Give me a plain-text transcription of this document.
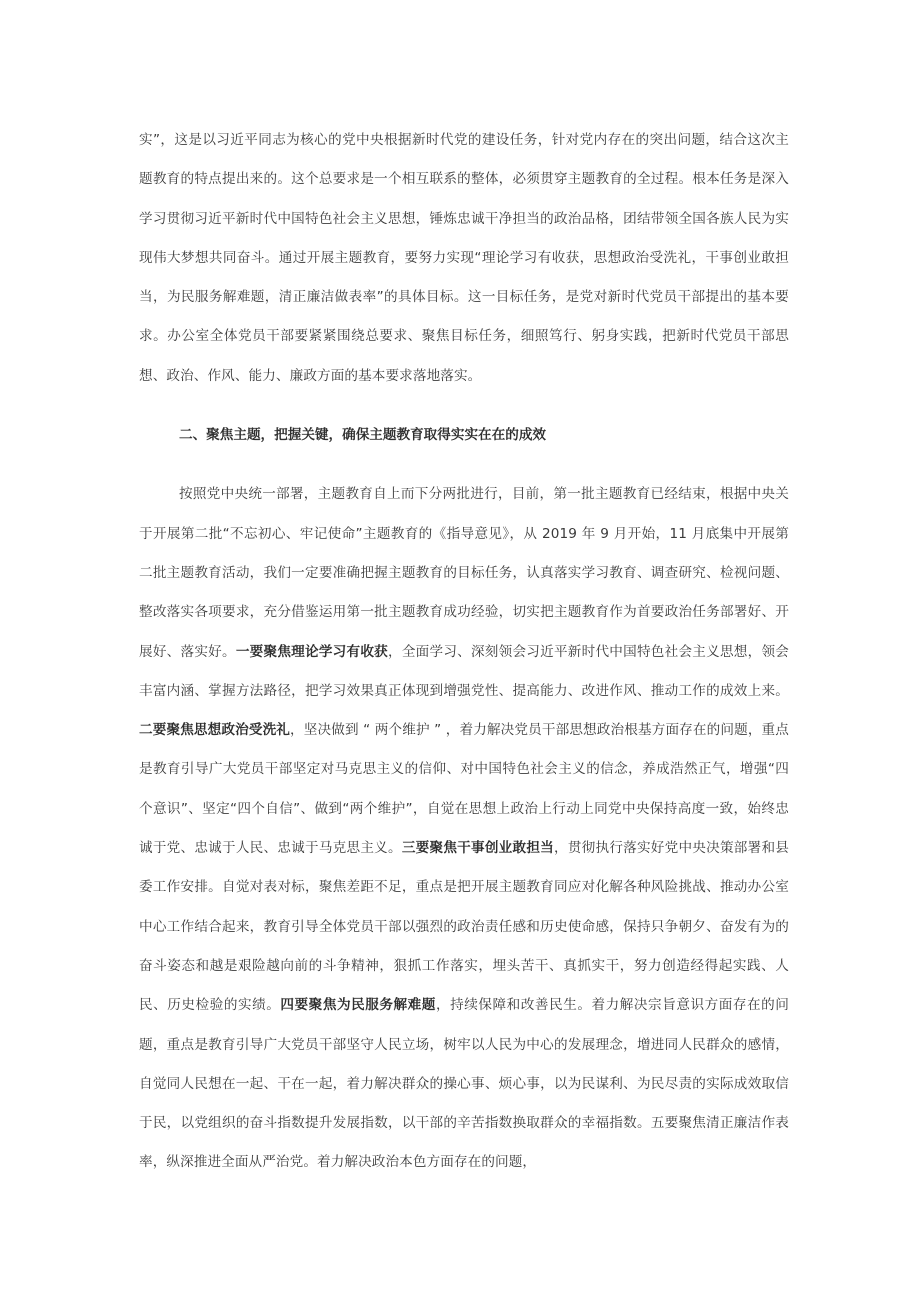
实”，这是以习近平同志为核心的党中央根据新时代党的建设任务，针对党内存在的突出问题，结合这次主题教育的特点提出来的。这个总要求是一个相互联系的整体，必须贯穿主题教育的全过程。根本任务是深入学习贯彻习近平新时代中国特色社会主义思想，锤炼忠诚干净担当的政治品格，团结带领全国各族人民为实现伟大梦想共同奋斗。通过开展主题教育，要努力实现“理论学习有收获，思想政治受洗礼，干事创业敢担当，为民服务解难题，清正廉洁做表率”的具体目标。这一目标任务，是党对新时代党员干部提出的基本要求。办公室全体党员干部要紧紧围绕总要求、聚焦目标任务，细照笃行、躬身实践，把新时代党员干部思想、政治、作风、能力、廉政方面的基本要求落地落实。

二、聚焦主题，把握关键，确保主题教育取得实实在在的成效

按照党中央统一部署，主题教育自上而下分两批进行，目前，第一批主题教育已经结束，根据中央关于开展第二批“不忘初心、牢记使命”主题教育的《指导意见》，从 2019 年 9 月开始，11 月底集中开展第二批主题教育活动，我们一定要准确把握主题教育的目标任务，认真落实学习教育、调查研究、检视问题、整改落实各项要求，充分借鉴运用第一批主题教育成功经验，切实把主题教育作为首要政治任务部署好、开展好、落实好。一要聚焦理论学习有收获，全面学习、深刻领会习近平新时代中国特色社会主义思想，领会丰富内涵、掌握方法路径，把学习效果真正体现到增强党性、提高能力、改进作风、推动工作的成效上来。二要聚焦思想政治受洗礼，坚决做到 “ 两个维护 ” ，着力解决党员干部思想政治根基方面存在的问题，重点是教育引导广大党员干部坚定对马克思主义的信仰、对中国特色社会主义的信念，养成浩然正气，增强“四个意识”、坚定“四个自信”、做到“两个维护”，自觉在思想上政治上行动上同党中央保持高度一致，始终忠诚于党、忠诚于人民、忠诚于马克思主义。三要聚焦干事创业敢担当，贯彻执行落实好党中央决策部署和县委工作安排。自觉对表对标，聚焦差距不足，重点是把开展主题教育同应对化解各种风险挑战、推动办公室中心工作结合起来，教育引导全体党员干部以强烈的政治责任感和历史使命感，保持只争朝夕、奋发有为的奋斗姿态和越是艰险越向前的斗争精神，狠抓工作落实，埋头苦干、真抓实干，努力创造经得起实践、人民、历史检验的实绩。四要聚焦为民服务解难题，持续保障和改善民生。着力解决宗旨意识方面存在的问题，重点是教育引导广大党员干部坚守人民立场，树牢以人民为中心的发展理念，增进同人民群众的感情，自觉同人民想在一起、干在一起，着力解决群众的操心事、烦心事，以为民谋利、为民尽责的实际成效取信于民，以党组织的奋斗指数提升发展指数，以干部的辛苦指数换取群众的幸福指数。五要聚焦清正廉洁作表率，纵深推进全面从严治党。着力解决政治本色方面存在的问题，
